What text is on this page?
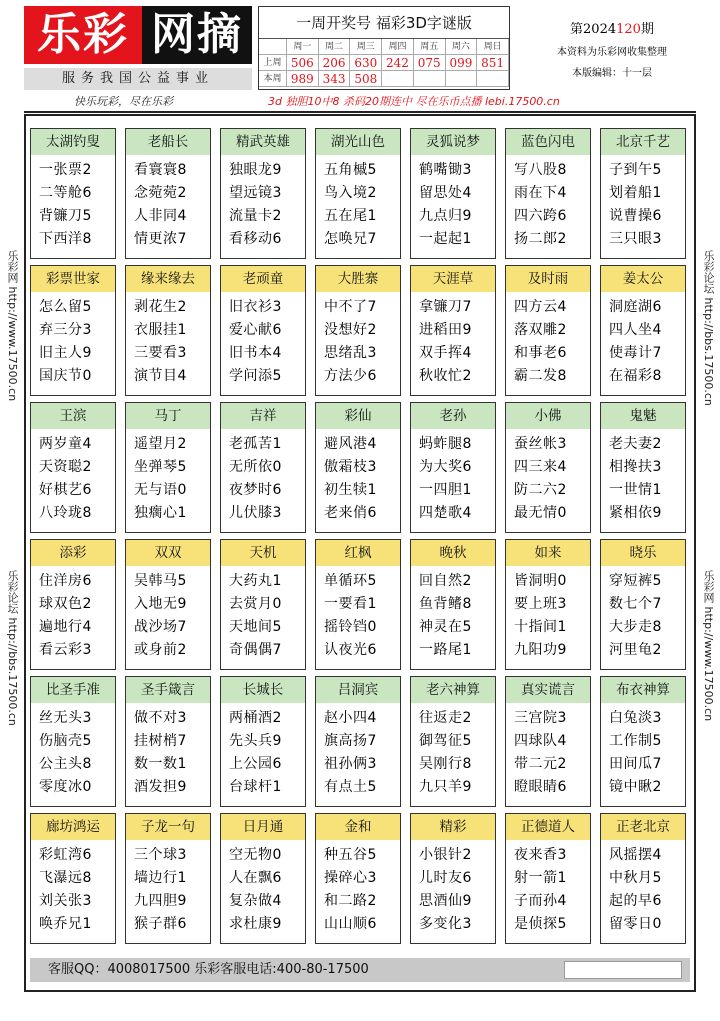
乐彩 网摘
服务我国公益事业
一周开奖号 福彩3D字谜版
周一	周二	周三	周四	周五	周六	周日
上周 506 206 630 242 075 099 851
本周 989 343 508
第2024120期
本资料为乐彩网收集整理
本版编辑：十一层
快乐玩彩，尽在乐彩	3d 独胆10中8 杀码20期连中 尽在乐币点播 lebi.17500.cn
乐彩网 http://www.17500.cn
乐彩论坛 http://bbs.17500.cn
乐彩论坛 http://bbs.17500.cn
乐彩网 http://www.17500.cn
太湖钓叟
一张票2
二等舱6
背镰刀5
下西洋8
老船长
看寰寰8
念菀菀2
人非同4
情更浓7
精武英雄
独眼龙9
望远镜3
流量卡2
看移动6
湖光山色
五角槭5
鸟入境2
五在尾1
怎唤兄7
灵狐说梦
鹤嘴锄3
留思处4
九点归9
一起起1
蓝色闪电
写八股8
雨在下4
四六跨6
扬二郎2
北京千艺
子到午5
划着船1
说曹操6
三只眼3
彩票世家
怎么留5
弃三分3
旧主人9
国庆节0
缘来缘去
剥花生2
衣服挂1
三要看3
演节目4
老顽童
旧衣衫3
爱心献6
旧书本4
学问添5
大胜寨
中不了7
没想好2
思绪乱3
方法少6
天涯草
拿镰刀7
进稻田9
双手挥4
秋收忙2
及时雨
四方云4
落双雕2
和事老6
霸二发8
姜太公
洞庭湖6
四人坐4
使毒计7
在福彩8
王滨
两岁童4
天资聪2
好棋艺6
八玲珑8
马丁
遥望月2
坐弹琴5
无与语0
独瘸心1
吉祥
老孤苦1
无所依0
夜梦时6
儿伏膝3
彩仙
避风港4
傲霜枝3
初生犊1
老来俏6
老孙
蚂蚱腿8
为大奖6
一四胆1
四楚歌4
小佛
蚕丝帐3
四三来4
防二六2
最无情0
鬼魅
老夫妻2
相搀扶3
一世情1
紧相依9
添彩
住洋房6
球双色2
遍地行4
看云彩3
双双
吴韩马5
入地无9
战沙场7
或身前2
天机
大药丸1
去赏月0
天地间5
奇偶偶7
红枫
单循环5
一要看1
摇铃铛0
认夜光6
晚秋
回自然2
鱼背鳍8
神灵在5
一路尾1
如来
皆洞明0
要上班3
十指间1
九阳功9
晓乐
穿短裤5
数七个7
大步走8
河里龟2
比圣手准
丝无头3
伤脑壳5
公主头8
零度冰0
圣手箴言
做不对3
挂树梢7
数一数1
酒发担9
长城长
两桶酒2
先头兵9
上公园6
台球杆1
吕洞宾
赵小四4
旗高扬7
祖孙俩3
有点土5
老六神算
往返走2
御驾征5
吴刚行8
九只羊9
真实谎言
三宫院3
四球队4
带二元2
瞪眼睛6
布衣神算
白兔淡3
工作制5
田间瓜7
镜中瞅2
廊坊鸿运
彩虹湾6
飞瀑远8
刘关张3
唤乔兄1
子龙一句
三个球3
墙边行1
九四胆9
猴子群6
日月通
空无物0
人在飘6
复杂做4
求杜康9
金和
种五谷5
操碎心3
和二路2
山山顺6
精彩
小银针2
儿时友6
思酒仙9
多变化3
正德道人
夜来香3
射一箭1
子而孙4
是侦探5
正老北京
风摇摆4
中秋月5
起的早6
留零日0
客服QQ：4008017500 乐彩客服电话:400-80-17500
